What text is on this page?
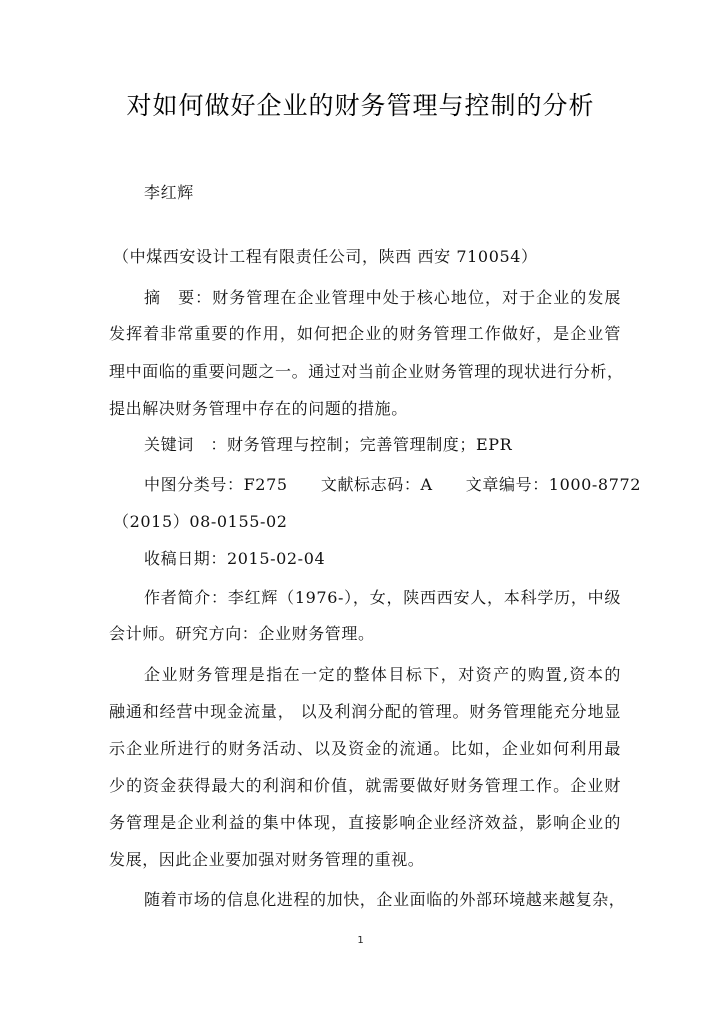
对如何做好企业的财务管理与控制的分析
李红辉
（中煤西安设计工程有限责任公司，陕西 西安 710054）
摘　要：财务管理在企业管理中处于核心地位，对于企业的发展
发挥着非常重要的作用，如何把企业的财务管理工作做好，是企业管
理中面临的重要问题之一。通过对当前企业财务管理的现状进行分析，
提出解决财务管理中存在的问题的措施。
关键词　：财务管理与控制；完善管理制度；EPR
中图分类号：F275　　文献标志码：A　　文章编号：1000-8772
（2015）08-0155-02
收稿日期：2015-02-04
作者简介：李红辉（1976-），女，陕西西安人，本科学历，中级
会计师。研究方向：企业财务管理。
企业财务管理是指在一定的整体目标下，对资产的购置,资本的
融通和经营中现金流量， 以及利润分配的管理。财务管理能充分地显
示企业所进行的财务活动、以及资金的流通。比如，企业如何利用最
少的资金获得最大的利润和价值，就需要做好财务管理工作。企业财
务管理是企业利益的集中体现，直接影响企业经济效益，影响企业的
发展，因此企业要加强对财务管理的重视。
随着市场的信息化进程的加快，企业面临的外部环境越来越复杂，
1
